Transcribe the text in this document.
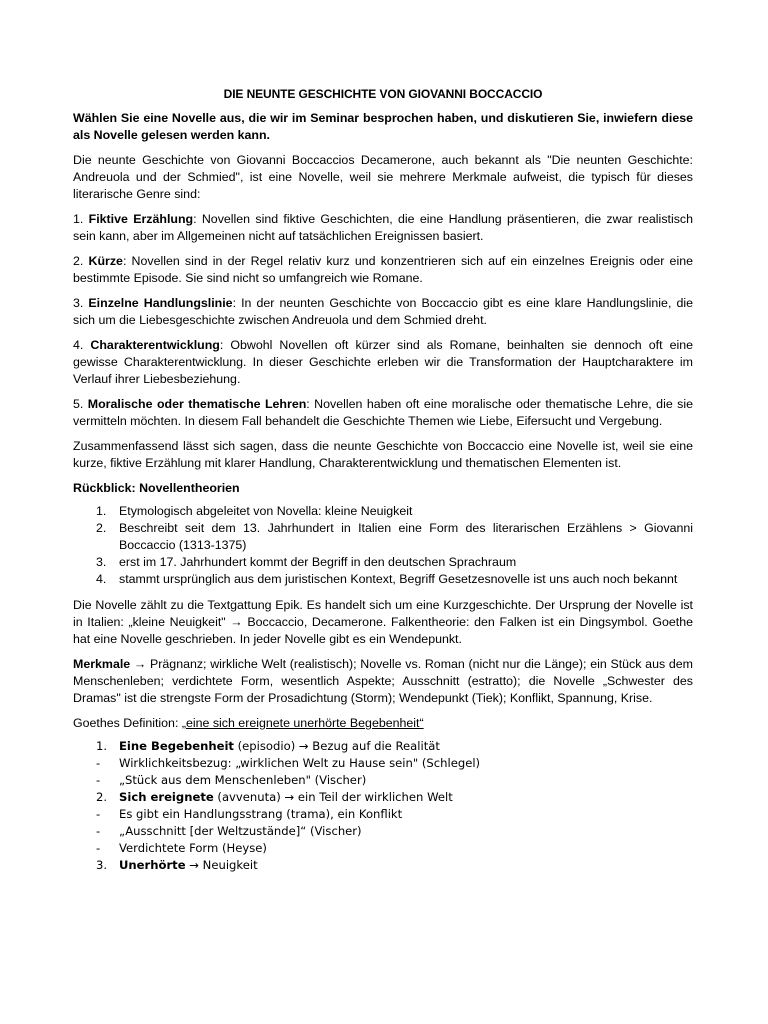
DIE NEUNTE GESCHICHTE VON GIOVANNI BOCCACCIO

Wählen Sie eine Novelle aus, die wir im Seminar besprochen haben, und diskutieren Sie, inwiefern diese als Novelle gelesen werden kann.

Die neunte Geschichte von Giovanni Boccaccios Decamerone, auch bekannt als "Die neunten Geschichte: Andreuola und der Schmied", ist eine Novelle, weil sie mehrere Merkmale aufweist, die typisch für dieses literarische Genre sind:

1. Fiktive Erzählung: Novellen sind fiktive Geschichten, die eine Handlung präsentieren, die zwar realistisch sein kann, aber im Allgemeinen nicht auf tatsächlichen Ereignissen basiert.

2. Kürze: Novellen sind in der Regel relativ kurz und konzentrieren sich auf ein einzelnes Ereignis oder eine bestimmte Episode. Sie sind nicht so umfangreich wie Romane.

3. Einzelne Handlungslinie: In der neunten Geschichte von Boccaccio gibt es eine klare Handlungslinie, die sich um die Liebesgeschichte zwischen Andreuola und dem Schmied dreht.

4. Charakterentwicklung: Obwohl Novellen oft kürzer sind als Romane, beinhalten sie dennoch oft eine gewisse Charakterentwicklung. In dieser Geschichte erleben wir die Transformation der Hauptcharaktere im Verlauf ihrer Liebesbeziehung.

5. Moralische oder thematische Lehren: Novellen haben oft eine moralische oder thematische Lehre, die sie vermitteln möchten. In diesem Fall behandelt die Geschichte Themen wie Liebe, Eifersucht und Vergebung.

Zusammenfassend lässt sich sagen, dass die neunte Geschichte von Boccaccio eine Novelle ist, weil sie eine kurze, fiktive Erzählung mit klarer Handlung, Charakterentwicklung und thematischen Elementen ist.

Rückblick: Novellentheorien

1. Etymologisch abgeleitet von Novella: kleine Neuigkeit
2. Beschreibt seit dem 13. Jahrhundert in Italien eine Form des literarischen Erzählens > Giovanni Boccaccio (1313-1375)
3. erst im 17. Jahrhundert kommt der Begriff in den deutschen Sprachraum
4. stammt ursprünglich aus dem juristischen Kontext, Begriff Gesetzesnovelle ist uns auch noch bekannt

Die Novelle zählt zu die Textgattung Epik. Es handelt sich um eine Kurzgeschichte. Der Ursprung der Novelle ist in Italien: „kleine Neuigkeit" → Boccaccio, Decamerone. Falkentheorie: den Falken ist ein Dingsymbol. Goethe hat eine Novelle geschrieben. In jeder Novelle gibt es ein Wendepunkt.

Merkmale → Prägnanz; wirkliche Welt (realistisch); Novelle vs. Roman (nicht nur die Länge); ein Stück aus dem Menschenleben; verdichtete Form, wesentlich Aspekte; Ausschnitt (estratto); die Novelle „Schwester des Dramas" ist die strengste Form der Prosadichtung (Storm); Wendepunkt (Tiek); Konflikt, Spannung, Krise.

Goethes Definition: „eine sich ereignete unerhörte Begebenheit“

1. Eine Begebenheit (episodio) → Bezug auf die Realität
- Wirklichkeitsbezug: „wirklichen Welt zu Hause sein" (Schlegel)
- „Stück aus dem Menschenleben" (Vischer)
2. Sich ereignete (avvenuta) → ein Teil der wirklichen Welt
- Es gibt ein Handlungsstrang (trama), ein Konflikt
- „Ausschnitt [der Weltzustände]“ (Vischer)
- Verdichtete Form (Heyse)
3. Unerhörte → Neuigkeit
